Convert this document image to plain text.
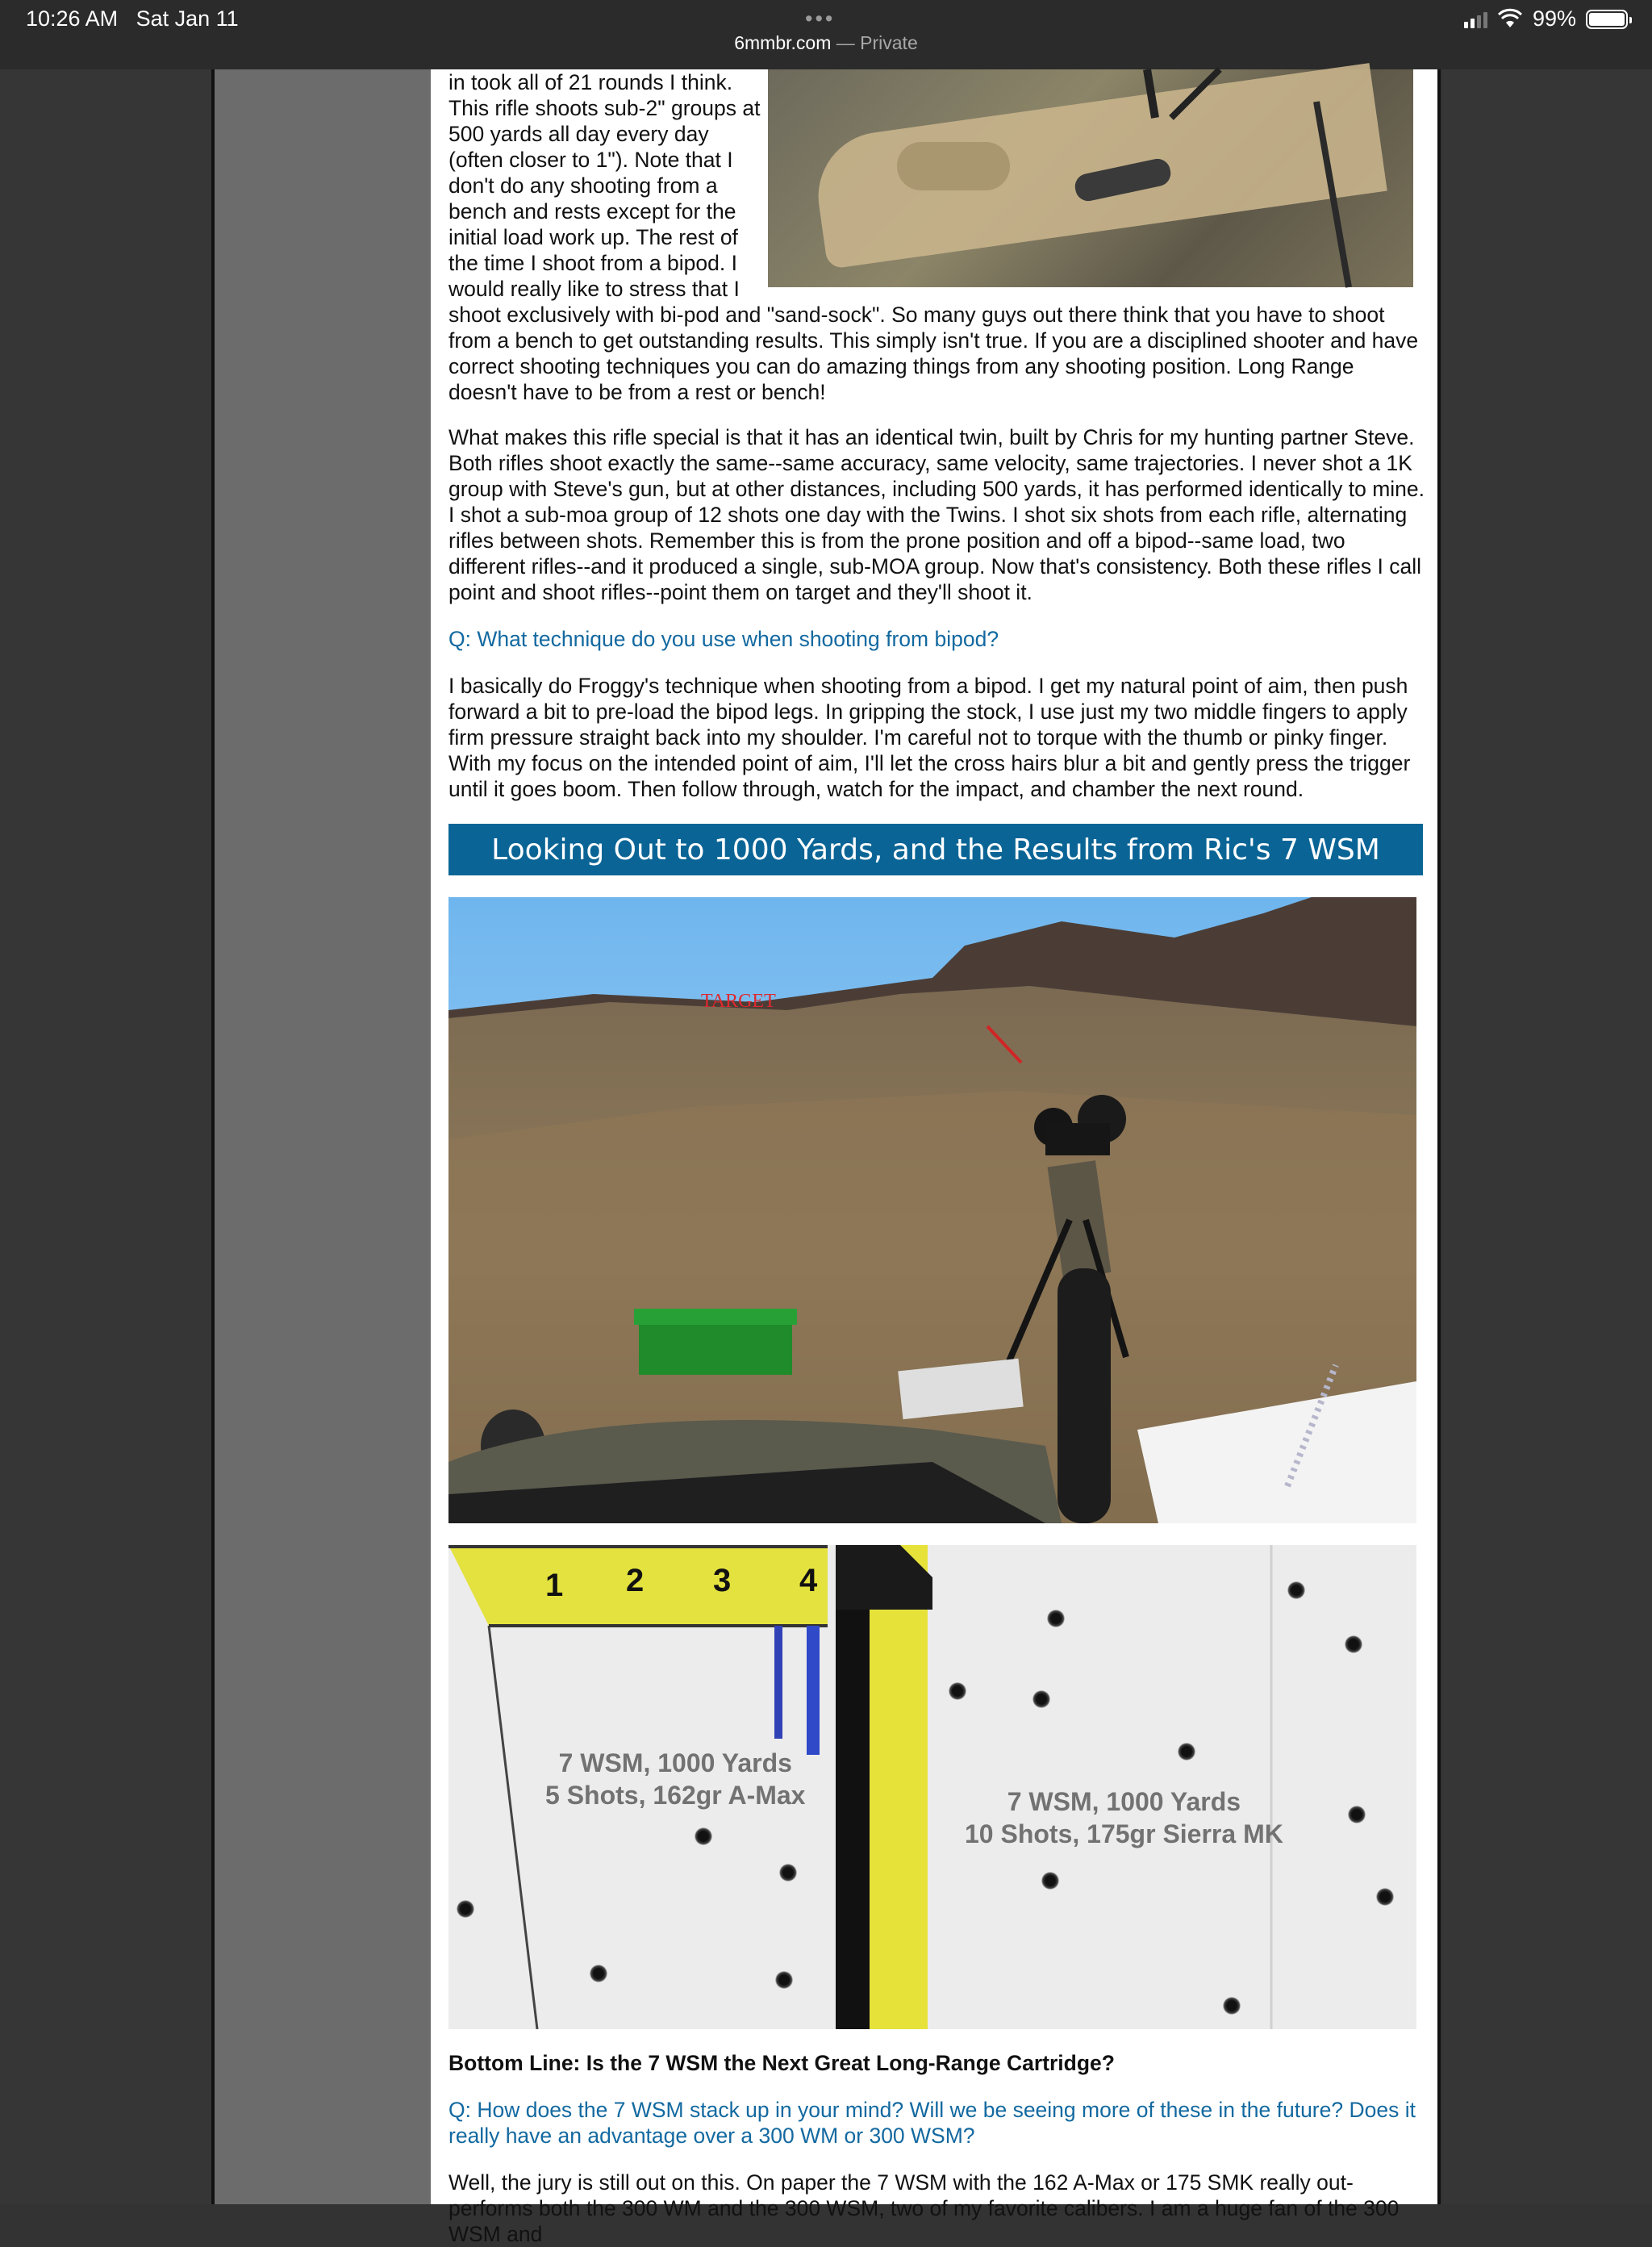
10:26 AM Sat Jan 11	•••	99%
6mmbr.com — Private
in took all of 21 rounds I think.
This rifle shoots sub-2" groups at
500 yards all day every day
(often closer to 1"). Note that I
don't do any shooting from a
bench and rests except for the
initial load work up. The rest of
the time I shoot from a bipod. I
would really like to stress that I
shoot exclusively with bi-pod and "sand-sock". So many guys out there think that you have to shoot from a bench to get outstanding results. This simply isn't true. If you are a disciplined shooter and have correct shooting techniques you can do amazing things from any shooting position. Long Range doesn't have to be from a rest or bench!
What makes this rifle special is that it has an identical twin, built by Chris for my hunting partner Steve. Both rifles shoot exactly the same--same accuracy, same velocity, same trajectories. I never shot a 1K group with Steve's gun, but at other distances, including 500 yards, it has performed identically to mine. I shot a sub-moa group of 12 shots one day with the Twins. I shot six shots from each rifle, alternating rifles between shots. Remember this is from the prone position and off a bipod--same load, two different rifles--and it produced a single, sub-MOA group. Now that's consistency. Both these rifles I call point and shoot rifles--point them on target and they'll shoot it.
Q: What technique do you use when shooting from bipod?
I basically do Froggy's technique when shooting from a bipod. I get my natural point of aim, then push forward a bit to pre-load the bipod legs. In gripping the stock, I use just my two middle fingers to apply firm pressure straight back into my shoulder. I'm careful not to torque with the thumb or pinky finger. With my focus on the intended point of aim, I'll let the cross hairs blur a bit and gently press the trigger until it goes boom. Then follow through, watch for the impact, and chamber the next round.
Looking Out to 1000 Yards, and the Results from Ric's 7 WSM
TARGET
1 2 3 4
7 WSM, 1000 Yards
5 Shots, 162gr A-Max	7 WSM, 1000 Yards
10 Shots, 175gr Sierra MK
Bottom Line: Is the 7 WSM the Next Great Long-Range Cartridge?
Q: How does the 7 WSM stack up in your mind? Will we be seeing more of these in the future? Does it really have an advantage over a 300 WM or 300 WSM?
Well, the jury is still out on this. On paper the 7 WSM with the 162 A-Max or 175 SMK really out-performs both the 300 WM and the 300 WSM, two of my favorite calibers. I am a huge fan of the 300 WSM and
